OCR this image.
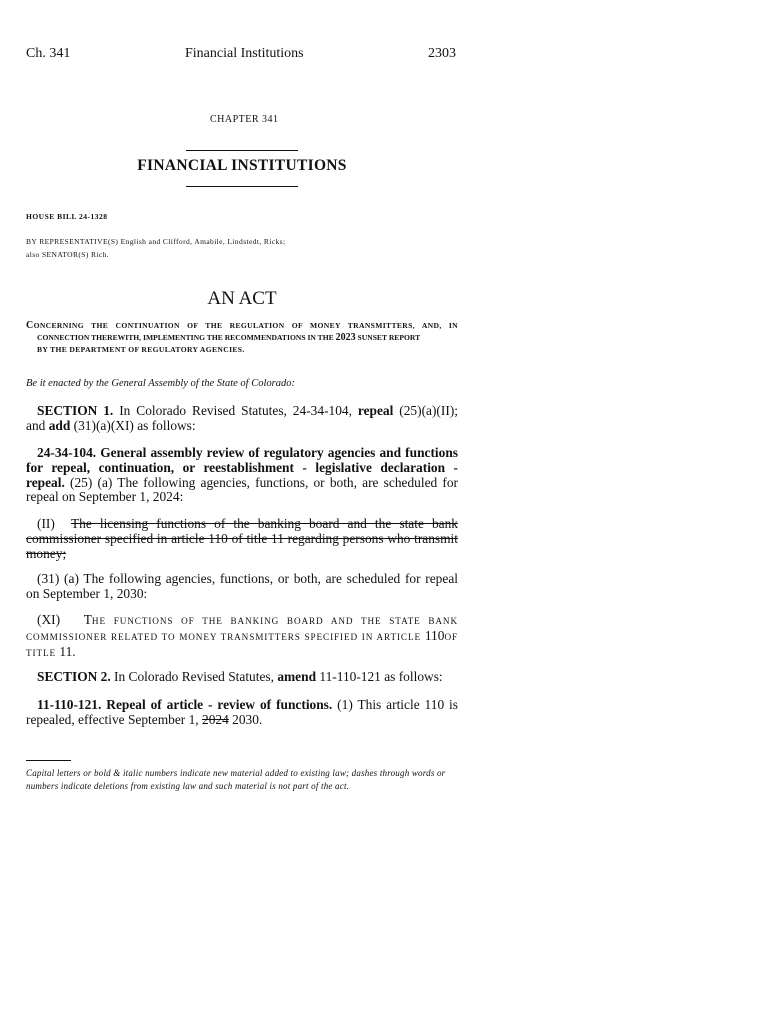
Ch. 341	Financial Institutions	2303
CHAPTER 341
FINANCIAL INSTITUTIONS
HOUSE BILL 24-1328
BY REPRESENTATIVE(S) English and Clifford, Amabile, Lindstedt, Ricks;
also SENATOR(S) Rich.
AN ACT
CONCERNING THE CONTINUATION OF THE REGULATION OF MONEY TRANSMITTERS, AND, IN
CONNECTION THEREWITH, IMPLEMENTING THE RECOMMENDATIONS IN THE 2023 SUNSET REPORT
BY THE DEPARTMENT OF REGULATORY AGENCIES.
Be it enacted by the General Assembly of the State of Colorado:
SECTION 1. In Colorado Revised Statutes, 24-34-104, repeal (25)(a)(II); and add (31)(a)(XI) as follows:
24-34-104. General assembly review of regulatory agencies and functions for repeal, continuation, or reestablishment - legislative declaration - repeal. (25) (a) The following agencies, functions, or both, are scheduled for repeal on September 1, 2024:
(II) The licensing functions of the banking board and the state bank commissioner specified in article 110 of title 11 regarding persons who transmit money;
(31) (a) The following agencies, functions, or both, are scheduled for repeal on September 1, 2030:
(XI) THE FUNCTIONS OF THE BANKING BOARD AND THE STATE BANK COMMISSIONER RELATED TO MONEY TRANSMITTERS SPECIFIED IN ARTICLE 110OF TITLE 11.
SECTION 2. In Colorado Revised Statutes, amend 11-110-121 as follows:
11-110-121. Repeal of article - review of functions. (1) This article 110 is repealed, effective September 1, 2024 2030.
Capital letters or bold & italic numbers indicate new material added to existing law; dashes through words or numbers indicate deletions from existing law and such material is not part of the act.
